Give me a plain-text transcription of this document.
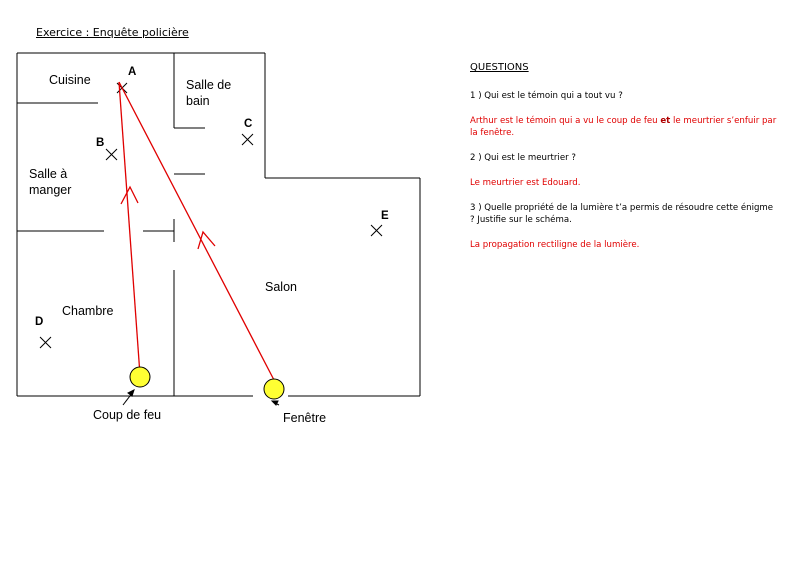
Exercice : Enquête policière
Cuisine	Salle de
bain
Salle à
manger
Chambre
Salon
A
B
C
D
E
Coup de feu	Fenêtre
QUESTIONS

1 ) Qui est le témoin qui a tout vu ?

Arthur est le témoin qui a vu le coup de feu et le meurtrier s’enfuir par la fenêtre.

2 ) Qui est le meurtrier ?

Le meurtrier est Edouard.

3 ) Quelle propriété de la lumière t’a permis de résoudre cette énigme ? Justifie sur le schéma.

La propagation rectiligne de la lumière.
